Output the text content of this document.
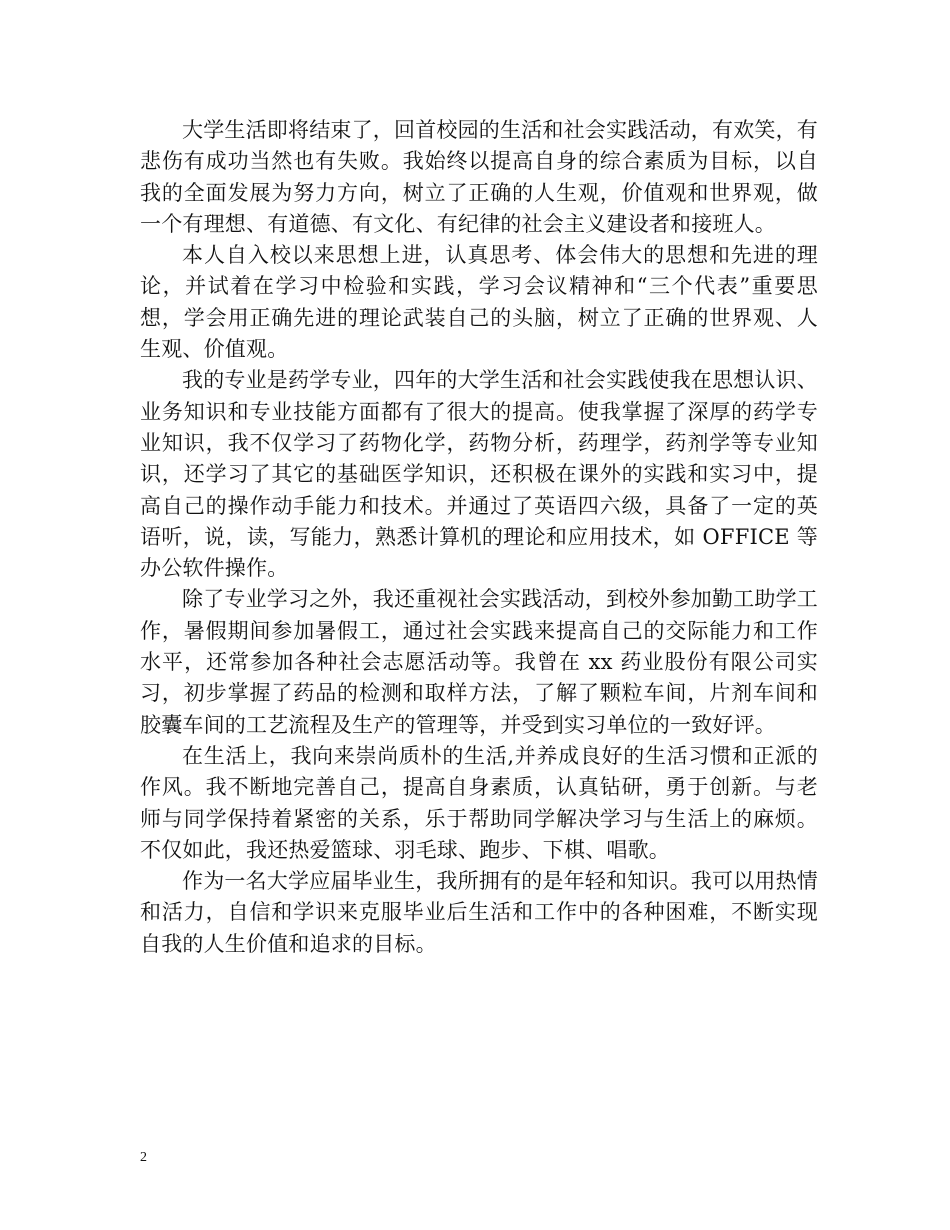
大学生活即将结束了，回首校园的生活和社会实践活动，有欢笑，有悲伤有成功当然也有失败。我始终以提高自身的综合素质为目标，以自我的全面发展为努力方向，树立了正确的人生观，价值观和世界观，做一个有理想、有道德、有文化、有纪律的社会主义建设者和接班人。

本人自入校以来思想上进，认真思考、体会伟大的思想和先进的理论，并试着在学习中检验和实践，学习会议精神和“三个代表”重要思想，学会用正确先进的理论武装自己的头脑，树立了正确的世界观、人生观、价值观。

我的专业是药学专业，四年的大学生活和社会实践使我在思想认识、业务知识和专业技能方面都有了很大的提高。使我掌握了深厚的药学专业知识，我不仅学习了药物化学，药物分析，药理学，药剂学等专业知识，还学习了其它的基础医学知识，还积极在课外的实践和实习中，提高自己的操作动手能力和技术。并通过了英语四六级，具备了一定的英语听，说，读，写能力，熟悉计算机的理论和应用技术，如 OFFICE 等办公软件操作。

除了专业学习之外，我还重视社会实践活动，到校外参加勤工助学工作，暑假期间参加暑假工，通过社会实践来提高自己的交际能力和工作水平，还常参加各种社会志愿活动等。我曾在 xx 药业股份有限公司实习，初步掌握了药品的检测和取样方法，了解了颗粒车间，片剂车间和胶囊车间的工艺流程及生产的管理等，并受到实习单位的一致好评。

在生活上，我向来崇尚质朴的生活,并养成良好的生活习惯和正派的作风。我不断地完善自己，提高自身素质，认真钻研，勇于创新。与老师与同学保持着紧密的关系，乐于帮助同学解决学习与生活上的麻烦。不仅如此，我还热爱篮球、羽毛球、跑步、下棋、唱歌。

作为一名大学应届毕业生，我所拥有的是年轻和知识。我可以用热情和活力，自信和学识来克服毕业后生活和工作中的各种困难，不断实现自我的人生价值和追求的目标。

2
